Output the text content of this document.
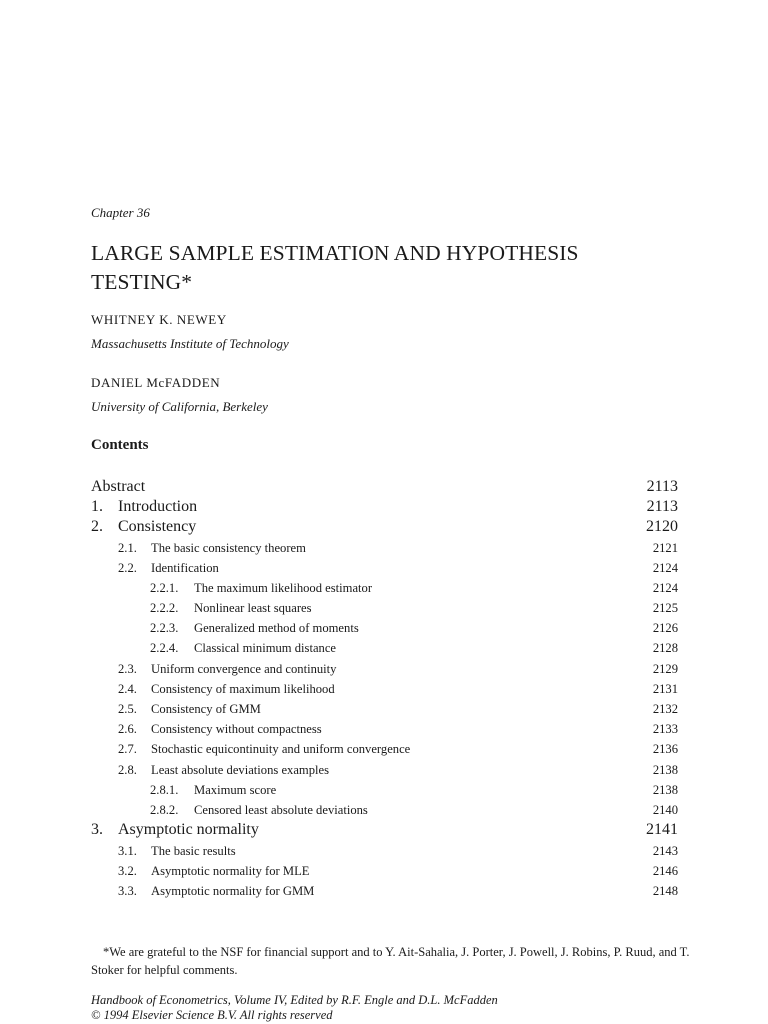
Chapter 36
LARGE SAMPLE ESTIMATION AND HYPOTHESIS TESTING*
WHITNEY K. NEWEY
Massachusetts Institute of Technology
DANIEL McFADDEN
University of California, Berkeley
Contents
Abstract	2113
1. Introduction	2113
2. Consistency	2120
2.1. The basic consistency theorem	2121
2.2. Identification	2124
2.2.1. The maximum likelihood estimator	2124
2.2.2. Nonlinear least squares	2125
2.2.3. Generalized method of moments	2126
2.2.4. Classical minimum distance	2128
2.3. Uniform convergence and continuity	2129
2.4. Consistency of maximum likelihood	2131
2.5. Consistency of GMM	2132
2.6. Consistency without compactness	2133
2.7. Stochastic equicontinuity and uniform convergence	2136
2.8. Least absolute deviations examples	2138
2.8.1. Maximum score	2138
2.8.2. Censored least absolute deviations	2140
3. Asymptotic normality	2141
3.1. The basic results	2143
3.2. Asymptotic normality for MLE	2146
3.3. Asymptotic normality for GMM	2148
*We are grateful to the NSF for financial support and to Y. Ait-Sahalia, J. Porter, J. Powell, J. Robins, P. Ruud, and T. Stoker for helpful comments.
Handbook of Econometrics, Volume IV, Edited by R.F. Engle and D.L. McFadden
© 1994 Elsevier Science B.V. All rights reserved
